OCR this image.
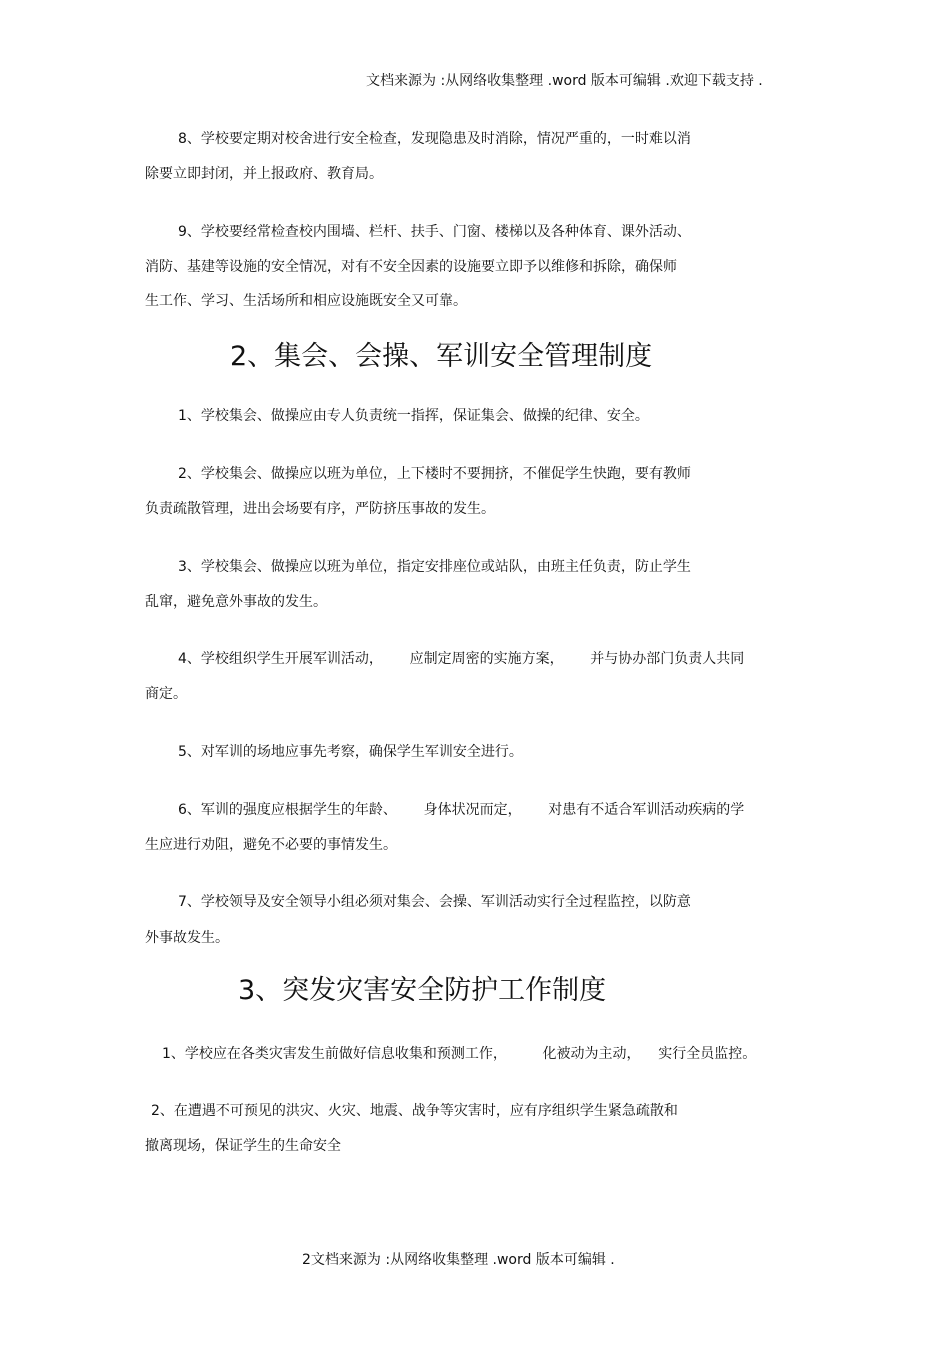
文档来源为 :从网络收集整理 .word 版本可编辑 .欢迎下载支持 .
8、学校要定期对校舍进行安全检查，发现隐患及时消除，情况严重的，一时难以消
除要立即封闭，并上报政府、教育局。
9、学校要经常检查校内围墙、栏杆、扶手、门窗、楼梯以及各种体育、课外活动、
消防、基建等设施的安全情况，对有不安全因素的设施要立即予以维修和拆除，确保师
生工作、学习、生活场所和相应设施既安全又可靠。
2、集会、会操、军训安全管理制度
1、学校集会、做操应由专人负责统一指挥，保证集会、做操的纪律、安全。
2、学校集会、做操应以班为单位，上下楼时不要拥挤，不催促学生快跑，要有教师
负责疏散管理，进出会场要有序，严防挤压事故的发生。
3、学校集会、做操应以班为单位，指定安排座位或站队，由班主任负责，防止学生
乱窜，避免意外事故的发生。
4、学校组织学生开展军训活动，      应制定周密的实施方案，      并与协办部门负责人共同
商定。
5、对军训的场地应事先考察，确保学生军训安全进行。
6、军训的强度应根据学生的年龄、      身体状况而定，      对患有不适合军训活动疾病的学
生应进行劝阻，避免不必要的事情发生。
7、学校领导及安全领导小组必须对集会、会操、军训活动实行全过程监控，以防意
外事故发生。
3、突发灾害安全防护工作制度
1、学校应在各类灾害发生前做好信息收集和预测工作，        化被动为主动，    实行全员监控。
2、在遭遇不可预见的洪灾、火灾、地震、战争等灾害时，应有序组织学生紧急疏散和
撤离现场，保证学生的生命安全
2文档来源为 :从网络收集整理 .word 版本可编辑 .
